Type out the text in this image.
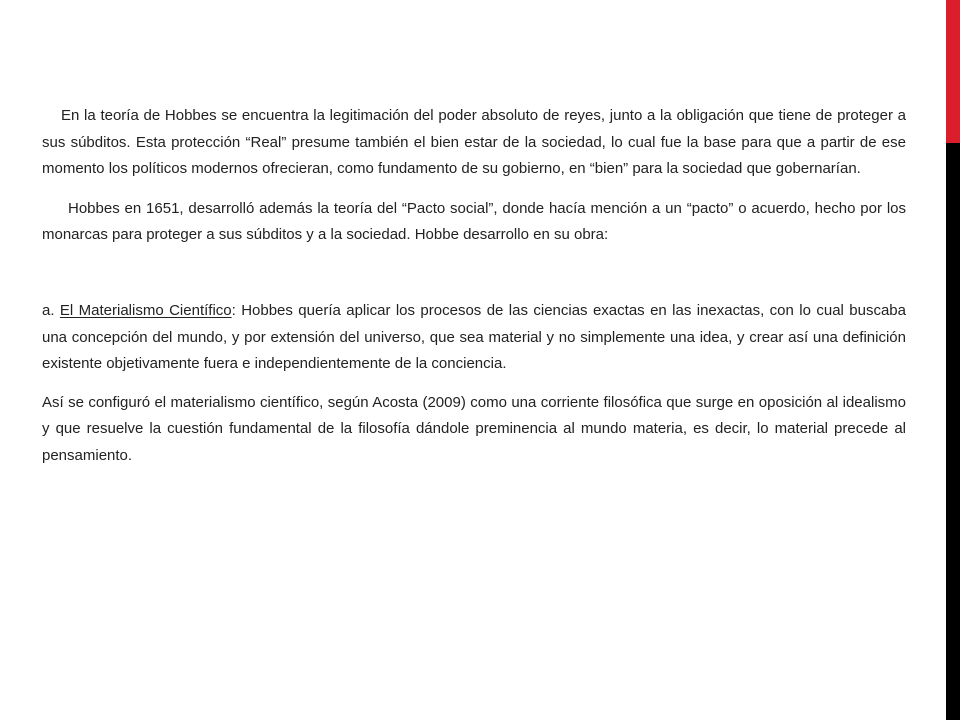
En la teoría de Hobbes se encuentra la legitimación del poder absoluto de reyes, junto a la obligación que tiene de proteger a sus súbditos. Esta protección “Real” presume también el bien estar de la sociedad, lo cual fue la base para que a partir de ese momento los políticos modernos ofrecieran, como fundamento de su gobierno, en “bien” para la sociedad que gobernarían.

Hobbes en 1651, desarrolló además la teoría del “Pacto social”, donde hacía mención a un “pacto” o acuerdo, hecho por los monarcas para proteger a sus súbditos y a la sociedad. Hobbe desarrollo en su obra:

a. El Materialismo Científico: Hobbes quería aplicar los procesos de las ciencias exactas en las inexactas, con lo cual buscaba una concepción del mundo, y por extensión del universo, que sea material y no simplemente una idea, y crear así una definición existente objetivamente fuera e independientemente de la conciencia.

Así se configuró el materialismo científico, según Acosta (2009) como una corriente filosófica que surge en oposición al idealismo y que resuelve la cuestión fundamental de la filosofía dándole preminencia al mundo materia, es decir, lo material precede al pensamiento.
